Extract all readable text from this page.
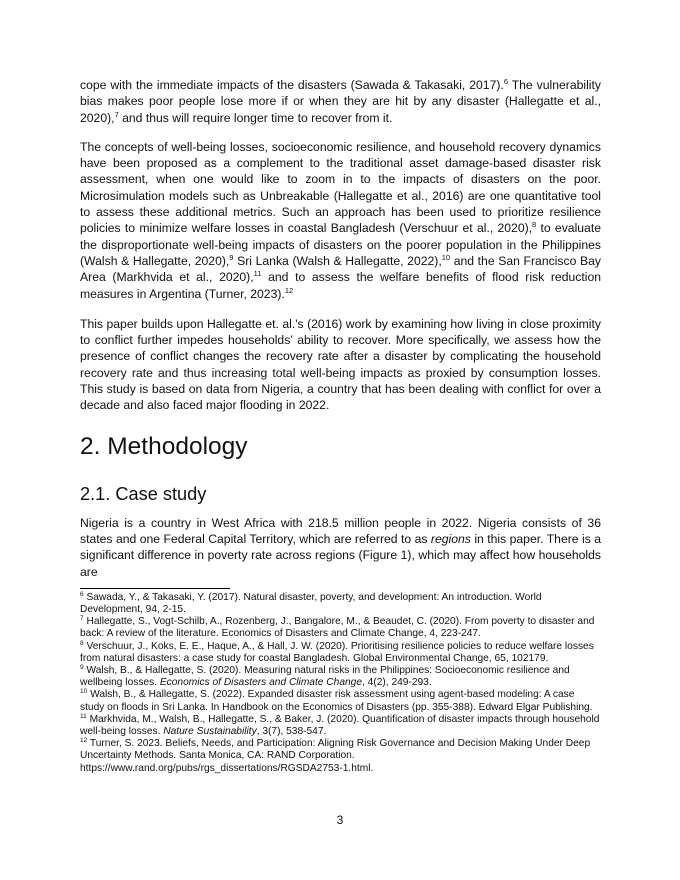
cope with the immediate impacts of the disasters (Sawada & Takasaki, 2017).$^6$ The vulnerability bias makes poor people lose more if or when they are hit by any disaster (Hallegatte et al., 2020),$^7$ and thus will require longer time to recover from it.

The concepts of well-being losses, socioeconomic resilience, and household recovery dynamics have been proposed as a complement to the traditional asset damage-based disaster risk assessment, when one would like to zoom in to the impacts of disasters on the poor. Microsimulation models such as Unbreakable (Hallegatte et al., 2016) are one quantitative tool to assess these additional metrics. Such an approach has been used to prioritize resilience policies to minimize welfare losses in coastal Bangladesh (Verschuur et al., 2020),$^8$ to evaluate the disproportionate well-being impacts of disasters on the poorer population in the Philippines (Walsh & Hallegatte, 2020),$^9$ Sri Lanka (Walsh & Hallegatte, 2022),$^{10}$ and the San Francisco Bay Area (Markhvida et al., 2020),$^{11}$ and to assess the welfare benefits of flood risk reduction measures in Argentina (Turner, 2023).$^{12}$

This paper builds upon Hallegatte et. al.'s (2016) work by examining how living in close proximity to conflict further impedes households’ ability to recover. More specifically, we assess how the presence of conflict changes the recovery rate after a disaster by complicating the household recovery rate and thus increasing total well-being impacts as proxied by consumption losses. This study is based on data from Nigeria, a country that has been dealing with conflict for over a decade and also faced major flooding in 2022.

2. Methodology
2.1. Case study

Nigeria is a country in West Africa with 218.5 million people in 2022. Nigeria consists of 36 states and one Federal Capital Territory, which are referred to as regions in this paper. There is a significant difference in poverty rate across regions (Figure 1), which may affect how households are

$^6$ Sawada, Y., & Takasaki, Y. (2017). Natural disaster, poverty, and development: An introduction. World Development, 94, 2-15.

$^7$ Hallegatte, S., Vogt-Schilb, A., Rozenberg, J., Bangalore, M., & Beaudet, C. (2020). From poverty to disaster and back: A review of the literature. Economics of Disasters and Climate Change, 4, 223-247.

$^8$ Verschuur, J., Koks, E. E., Haque, A., & Hall, J. W. (2020). Prioritising resilience policies to reduce welfare losses from natural disasters: a case study for coastal Bangladesh. Global Environmental Change, 65, 102179.

$^9$ Walsh, B., & Hallegatte, S. (2020). Measuring natural risks in the Philippines: Socioeconomic resilience and wellbeing losses. Economics of Disasters and Climate Change, 4(2), 249-293.

$^{10}$ Walsh, B., & Hallegatte, S. (2022). Expanded disaster risk assessment using agent-based modeling: A case study on floods in Sri Lanka. In Handbook on the Economics of Disasters (pp. 355-388). Edward Elgar Publishing.

$^{11}$ Markhvida, M., Walsh, B., Hallegatte, S., & Baker, J. (2020). Quantification of disaster impacts through household well-being losses. Nature Sustainability, 3(7), 538-547.

$^{12}$ Turner, S. 2023. Beliefs, Needs, and Participation: Aligning Risk Governance and Decision Making Under Deep Uncertainty Methods. Santa Monica, CA: RAND Corporation. https://www.rand.org/pubs/rgs_dissertations/RGSDA2753-1.html.

3
